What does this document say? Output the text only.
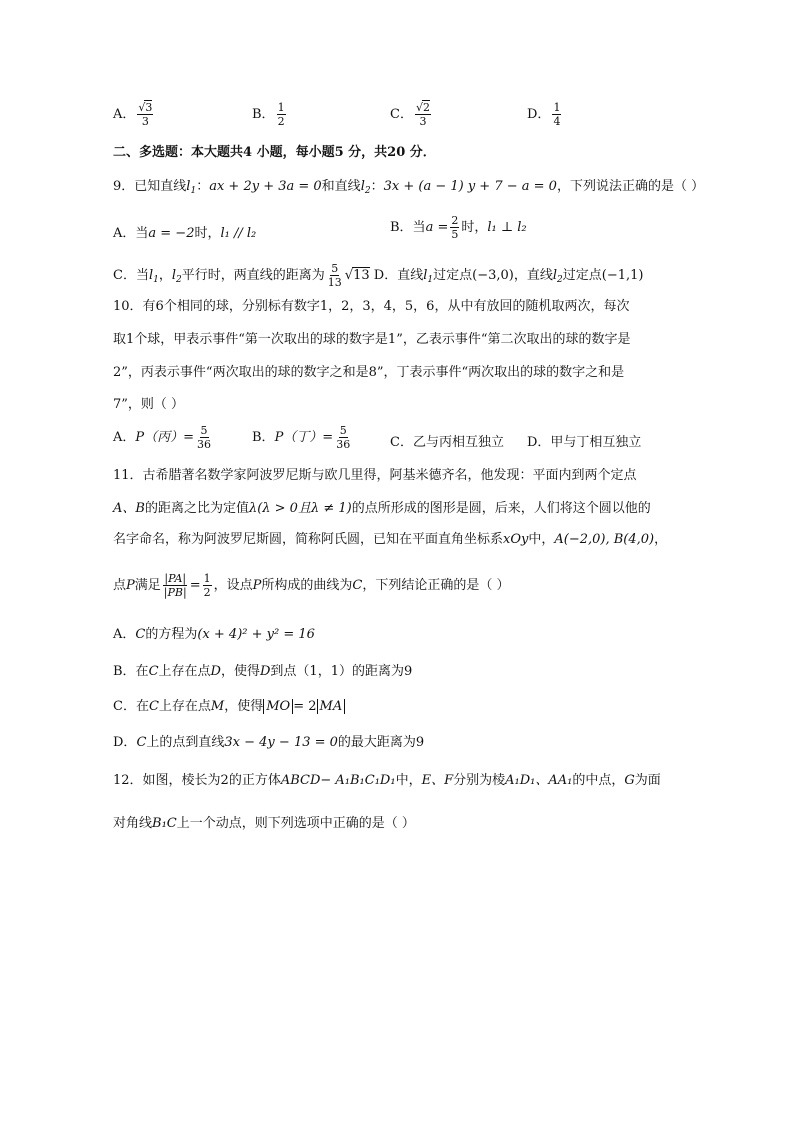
A． $\frac{√3}{3}$	B． $\frac{1}{2}$	C． $\frac{√2}{3}$	D． $\frac{1}{4}$
二、多选题：本大题共4 小题，每小题5 分，共20 分．
9．已知直线$l_1$：ax + 2y + 3a = 0和直线$l_2$：3x + (a − 1) y + 7 − a = 0，下列说法正确的是（ ）
A．当a = −2时，l₁ // l₂	B．当$a = \frac{2}{5}$ 时，l₁ ⊥ l₂
C．当$l_1$，$l_2$平行时，两直线的距离为 $\frac{5}{13} √13$ D．直线$l_1$过定点(−3,0)，直线$l_2$过定点(−1,1)
10．有6个相同的球，分别标有数字1，2，3，4，5，6，从中有放回的随机取两次，每次
取1个球，甲表示事件“第一次取出的球的数字是1”，乙表示事件“第二次取出的球的数字是
2”，丙表示事件“两次取出的球的数字之和是8”，丁表示事件“两次取出的球的数字之和是
7”，则（ ）
A．P（丙）= $\frac{5}{36}$	B．P（丁）= $\frac{5}{36}$	C．乙与丙相互独立 D．甲与丁相互独立
11．古希腊著名数学家阿波罗尼斯与欧几里得，阿基米德齐名，他发现：平面内到两个定点
A、B的距离之比为定值λ(λ > 0且λ ≠ 1)的点所形成的图形是圆，后来，人们将这个圆以他的
名字命名，称为阿波罗尼斯圆，简称阿氏圆，已知在平面直角坐标系xOy中，A(−2,0), B(4,0)，
点P满足 $\frac{|PA|}{|PB|} = \frac{1}{2}$ ，设点P所构成的曲线为C，下列结论正确的是（ ）
A．C的方程为(x + 4)² + y² = 16
B．在C上存在点D，使得D到点（1，1）的距离为9
C．在C上存在点M，使得 MO = 2 MA
D．C上的点到直线3x − 4y − 13 = 0的最大距离为9
12．如图，棱长为2的正方体ABCD− A₁B₁C₁D₁中，E、F分别为棱A₁D₁、AA₁的中点，G为面
对角线B₁C上一个动点，则下列选项中正确的是（ ）
